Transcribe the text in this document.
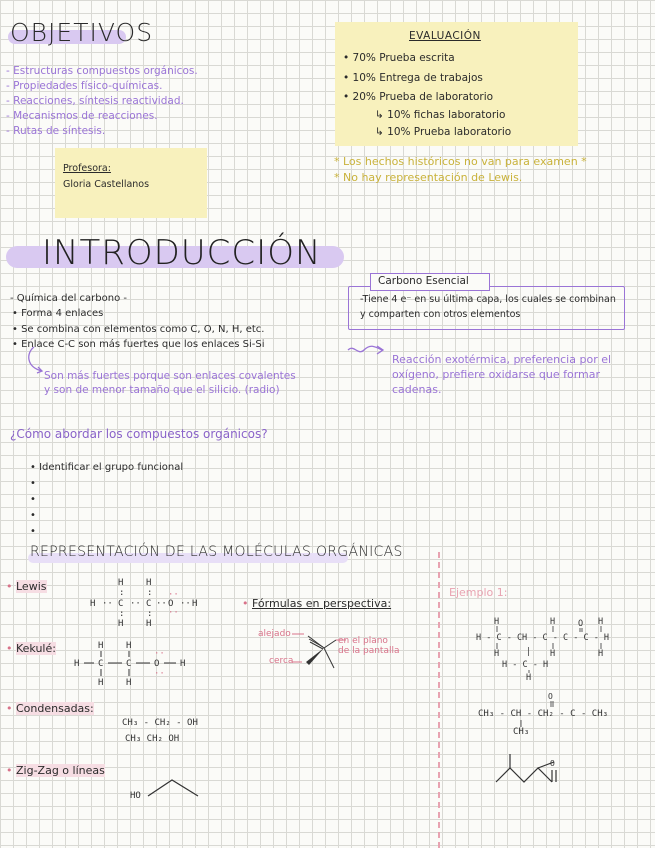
OBJETIVOS
- Estructuras compuestos orgánicos.
- Propiedades físico-químicas.
- Reacciones, síntesis reactividad.
- Mecanismos de reacciones.
- Rutas de síntesis.
Profesora:
Gloria Castellanos
EVALUACIÓN
• 70% Prueba escrita
• 10% Entrega de trabajos
• 20% Prueba de laboratorio
↳ 10% fichas laboratorio
↳ 10% Prueba laboratorio
* Los hechos históricos no van para examen *
* No hay representación de Lewis.
INTRODUCCIÓN
- Química del carbono -
• Forma 4 enlaces
• Se combina con elementos como C, O, N, H, etc.
• Enlace C-C son más fuertes que los enlaces Si-Si
Son más fuertes porque son enlaces covalentes
y son de menor tamaño que el silicio. (radio)
Reacción exotérmica, preferencia por el oxígeno, prefiere oxidarse que formar cadenas.
Carbono Esencial
-Tiene 4 e⁻ en su última capa, los cuales se combinan y comparten con otros elementos
¿Cómo abordar los compuestos orgánicos?
• Identificar el grupo funcional
•
•
•
•
REPRESENTACIÓN DE LAS MOLÉCULAS ORGÁNICAS
• Lewis
• Kekulé:
• Condensadas:
• Zig-Zag o líneas
H	H
H ·· C ·· C ·· O ·· H
H	H
:	:
:	:
··
··
H	H
H C	C	O H
H	H
··
··
CH₃ - CH₂ - OH
CH₃ CH₂ OH
HO
• Fórmulas en perspectiva:
alejado
cerca
en el plano
de la pantalla
Ejemplo 1:
H	H	H
O
H - C - CH - C - C - C - H
H	| H	H
H - C - H
H
O
CH₃ - CH - CH₂ - C - CH₃
CH₃
O
